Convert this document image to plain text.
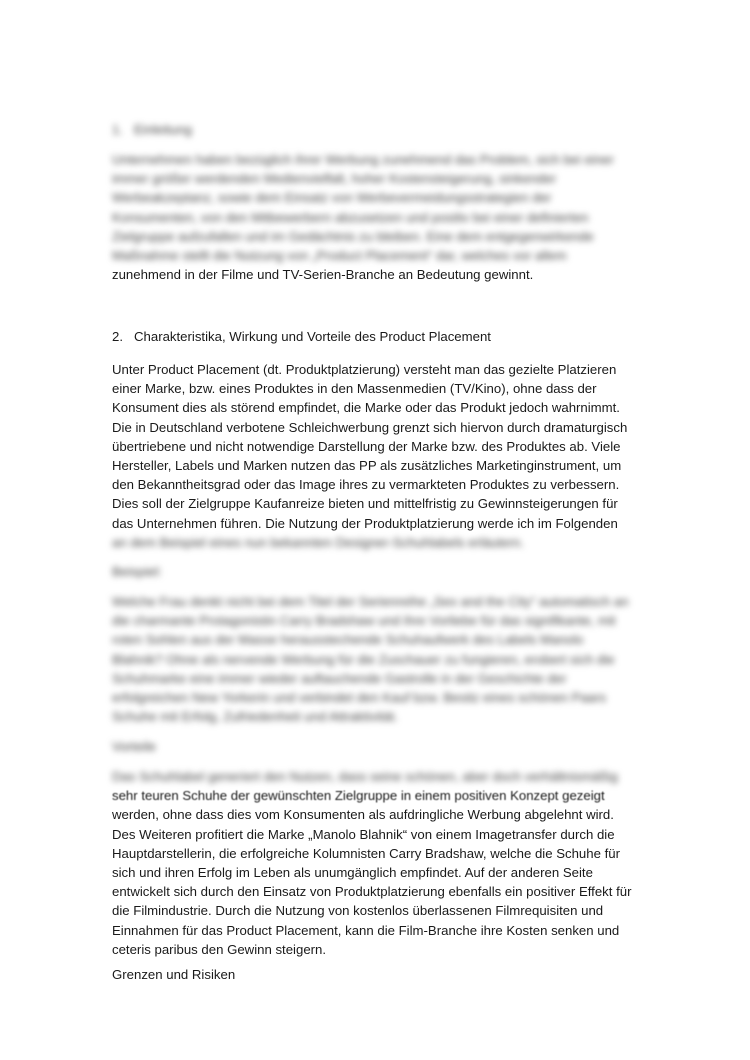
1. Einleitung

Unternehmen haben bezüglich ihrer Werbung zunehmend das Problem, sich bei einer
immer größer werdenden Medienvielfalt, hoher Kostensteigerung, sinkender
Werbeakzeptanz, sowie dem Einsatz von Werbevermeidungsstrategien der
Konsumenten, von den Mitbewerbern abzusetzen und positiv bei einer definierten
Zielgruppe aufzufallen und im Gedächtnis zu bleiben. Eine dem entgegenwirkende
Maßnahme stellt die Nutzung von „Product Placement“ dar, welches vor allem
zunehmend in der Filme und TV-Serien-Branche an Bedeutung gewinnt.

2. Charakteristika, Wirkung und Vorteile des Product Placement

Unter Product Placement (dt. Produktplatzierung) versteht man das gezielte Platzieren
einer Marke, bzw. eines Produktes in den Massenmedien (TV/Kino), ohne dass der
Konsument dies als störend empfindet, die Marke oder das Produkt jedoch wahrnimmt.
Die in Deutschland verbotene Schleichwerbung grenzt sich hiervon durch dramaturgisch
übertriebene und nicht notwendige Darstellung der Marke bzw. des Produktes ab. Viele
Hersteller, Labels und Marken nutzen das PP als zusätzliches Marketinginstrument, um
den Bekanntheitsgrad oder das Image ihres zu vermarkteten Produktes zu verbessern.
Dies soll der Zielgruppe Kaufanreize bieten und mittelfristig zu Gewinnsteigerungen für
das Unternehmen führen. Die Nutzung der Produktplatzierung werde ich im Folgenden
an dem Beispiel eines nun bekannten Designer-Schuhlabels erläutern.

Beispiel:

Welche Frau denkt nicht bei dem Titel der Serienreihe „Sex and the City“ automatisch an
die charmante Protagonistin Carry Bradshaw und ihre Vorliebe für das signifikante, mit
roten Sohlen aus der Masse herausstechende Schuhaufwerk des Labels Manolo
Blahnik? Ohne als nervende Werbung für die Zuschauer zu fungieren, erobert sich die
Schuhmarke eine immer wieder auftauchende Gastrolle in der Geschichte der
erfolgreichen New Yorkerin und verbindet den Kauf bzw. Besitz eines schönen Paars
Schuhe mit Erfolg, Zufriedenheit und Attraktivität.

Vorteile

Das Schuhlabel generiert den Nutzen, dass seine schönen, aber doch verhältnismäßig
sehr teuren Schuhe der gewünschten Zielgruppe in einem positiven Konzept gezeigt
werden, ohne dass dies vom Konsumenten als aufdringliche Werbung abgelehnt wird.
Des Weiteren profitiert die Marke „Manolo Blahnik“ von einem Imagetransfer durch die
Hauptdarstellerin, die erfolgreiche Kolumnisten Carry Bradshaw, welche die Schuhe für
sich und ihren Erfolg im Leben als unumgänglich empfindet. Auf der anderen Seite
entwickelt sich durch den Einsatz von Produktplatzierung ebenfalls ein positiver Effekt für
die Filmindustrie. Durch die Nutzung von kostenlos überlassenen Filmrequisiten und
Einnahmen für das Product Placement, kann die Film-Branche ihre Kosten senken und
ceteris paribus den Gewinn steigern.

Grenzen und Risiken
